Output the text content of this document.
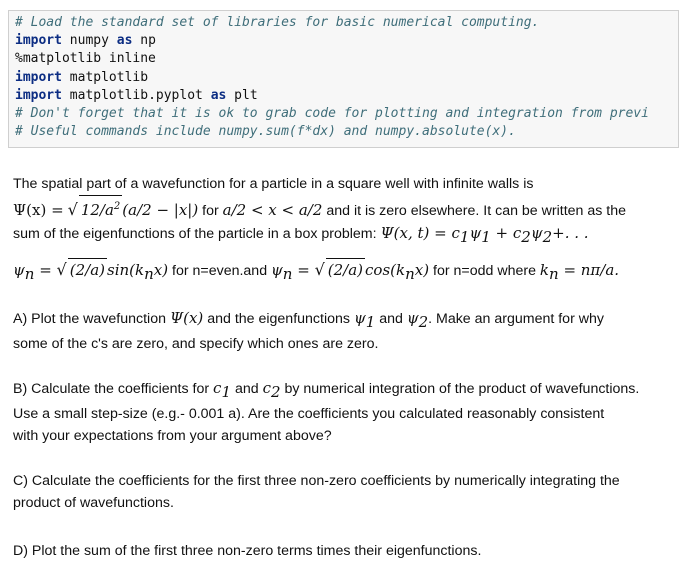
# Load the standard set of libraries for basic numerical computing.
import numpy as np
%matplotlib inline
import matplotlib
import matplotlib.pyplot as plt
# Don't forget that it is ok to grab code for plotting and integration from previ
# Useful commands include numpy.sum(f*dx) and numpy.absolute(x).
The spatial part of a wavefunction for a particle in a square well with infinite walls is
Ψ(x) = √ $12/a^2$ (a/2 − |x|) for a/2 < x < a/2 and it is zero elsewhere. It can be written as the
sum of the eigenfunctions of the particle in a box problem: Ψ(x, $t) = c_1\psi_1 + c_2\psi_2+$. . .
$\psi_n$ = √ (2/a) $\sin(k_nx)$ for n=even.and $\psi_n$ = √ (2/a) $\cos(k_nx)$ for n=odd where $k_n = n\pi/a$.
A) Plot the wavefunction Ψ(x) and the eigenfunctions $\psi_1$ and $\psi_2$. Make an argument for why
some of the c's are zero, and specify which ones are zero.
B) Calculate the coefficients for $c_1$ and $c_2$ by numerical integration of the product of wavefunctions.
Use a small step-size (e.g.- 0.001 a). Are the coefficients you calculated reasonably consistent
with your expectations from your argument above?
C) Calculate the coefficients for the first three non-zero coefficients by numerically integrating the
product of wavefunctions.
D) Plot the sum of the first three non-zero terms times their eigenfunctions.
